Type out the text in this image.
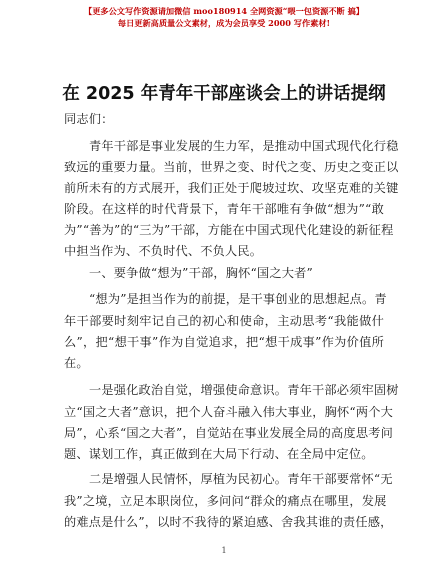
【更多公文写作资源请加微信 moo180914 全网资源“喂一包资源不断 搞】
每日更新高质量公文素材，成为会员享受 2000 写作素材!
在 2025 年青年干部座谈会上的讲话提纲
同志们：
青年干部是事业发展的生力军，是推动中国式现代化行稳
致远的重要力量。当前，世界之变、时代之变、历史之变正以
前所未有的方式展开，我们正处于爬坡过坎、攻坚克难的关键
阶段。在这样的时代背景下，青年干部唯有争做“想为”“敢
为”“善为”的“三为”干部，方能在中国式现代化建设的新征程
中担当作为、不负时代、不负人民。
一、要争做“想为”干部，胸怀“国之大者”
“想为”是担当作为的前提，是干事创业的思想起点。青
年干部要时刻牢记自己的初心和使命，主动思考“我能做什
么”，把“想干事”作为自觉追求，把“想干成事”作为价值所
在。
一是强化政治自觉，增强使命意识。青年干部必须牢固树
立“国之大者”意识，把个人奋斗融入伟大事业，胸怀“两个大
局”，心系“国之大者”，自觉站在事业发展全局的高度思考问
题、谋划工作，真正做到在大局下行动、在全局中定位。
二是增强人民情怀，厚植为民初心。青年干部要常怀“无
我”之境，立足本职岗位，多问问“群众的痛点在哪里，发展
的难点是什么”，以时不我待的紧迫感、舍我其谁的责任感，
1
